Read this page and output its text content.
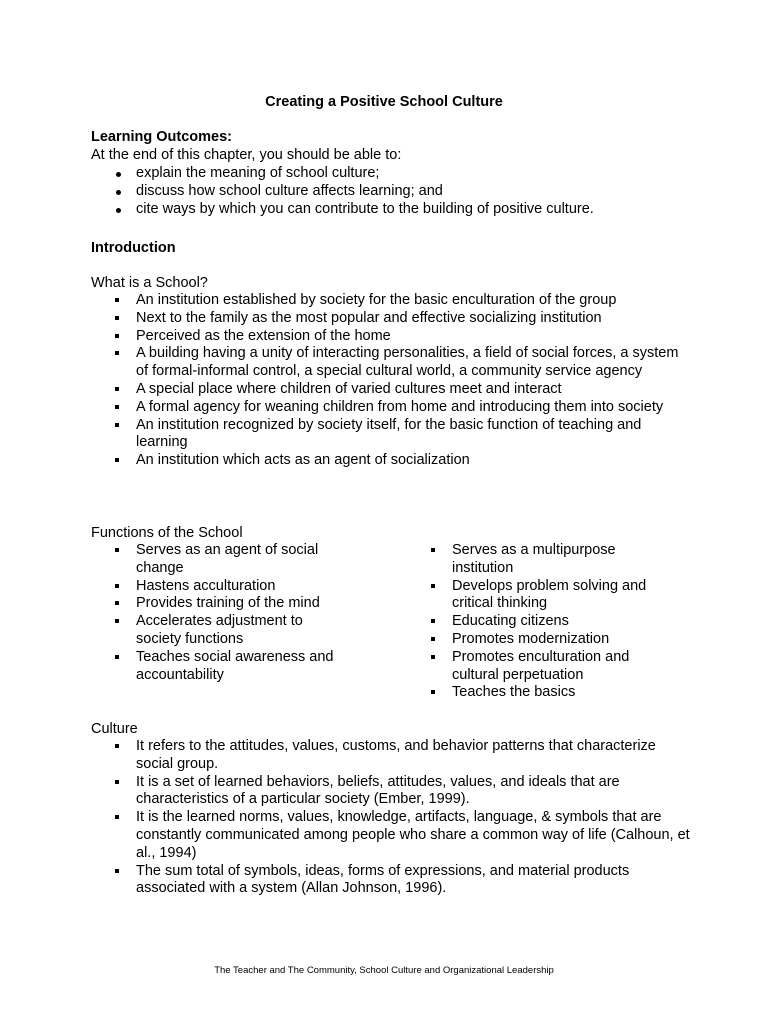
Creating a Positive School Culture
Learning Outcomes:
At the end of this chapter, you should be able to:
explain the meaning of school culture;
discuss how school culture affects learning; and
cite ways by which you can contribute to the building of positive culture.
Introduction
What is a School?
An institution established by society for the basic enculturation of the group
Next to the family as the most popular and effective socializing institution
Perceived as the extension of the home
A building having a unity of interacting personalities, a field of social forces, a system of formal-informal control, a special cultural world, a community service agency
A special place where children of varied cultures meet and interact
A formal agency for weaning children from home and introducing them into society
An institution recognized by society itself, for the basic function of teaching and learning
An institution which acts as an agent of socialization
Functions of the School
Serves as an agent of social change
Hastens acculturation
Provides training of the mind
Accelerates adjustment to society functions
Teaches social awareness and accountability
Serves as a multipurpose institution
Develops problem solving and critical thinking
Educating citizens
Promotes modernization
Promotes enculturation and cultural perpetuation
Teaches the basics
Culture
It refers to the attitudes, values, customs, and behavior patterns that characterize social group.
It is a set of learned behaviors, beliefs, attitudes, values, and ideals that are characteristics of a particular society (Ember, 1999).
It is the learned norms, values, knowledge, artifacts, language, & symbols that are constantly communicated among people who share a common way of life (Calhoun, et al., 1994)
The sum total of symbols, ideas, forms of expressions, and material products associated with a system (Allan Johnson, 1996).
The Teacher and The Community, School Culture and Organizational Leadership
